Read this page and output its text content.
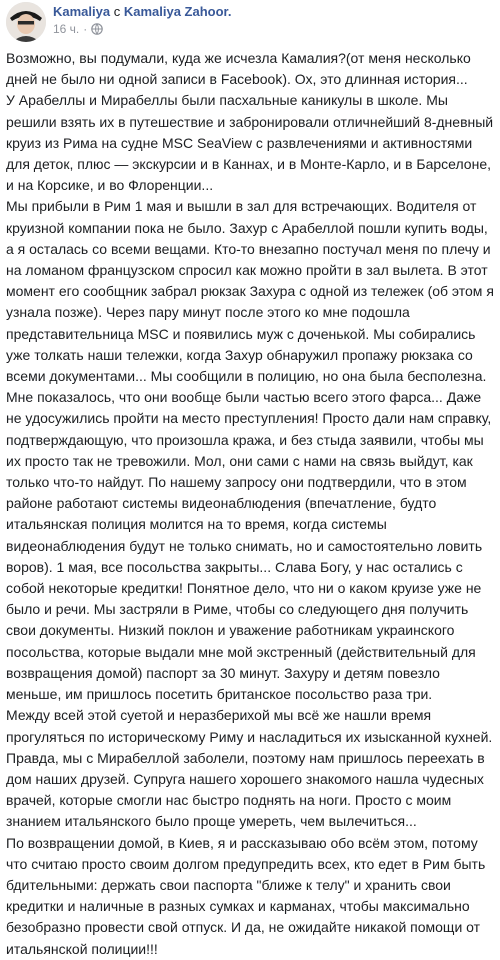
Kamaliya с Kamaliya Zahoor.
16 ч. ·

Возможно, вы подумали, куда же исчезла Камалия?(от меня несколько дней не было ни одной записи в Facebook). Ох, это длинная история...

У Арабеллы и Мирабеллы были пасхальные каникулы в школе. Мы решили взять их в путешествие и забронировали отличнейший 8-дневный круиз из Рима на судне MSC SeaView с развлечениями и активностями для деток, плюс — экскурсии и в Каннах, и в Монте-Карло, и в Барселоне, и на Корсике, и во Флоренции...

Мы прибыли в Рим 1 мая и вышли в зал для встречающих. Водителя от круизной компании пока не было. Захур с Арабеллой пошли купить воды, а я осталась со всеми вещами. Кто-то внезапно постучал меня по плечу и на ломаном французском спросил как можно пройти в зал вылета. В этот момент его сообщник забрал рюкзак Захура с одной из тележек (об этом я узнала позже). Через пару минут после этого ко мне подошла представительница MSC и появились муж с доченькой. Мы собирались уже толкать наши тележки, когда Захур обнаружил пропажу рюкзака со всеми документами... Мы сообщили в полицию, но она была бесполезна. Мне показалось, что они вообще были частью всего этого фарса... Даже не удосужились пройти на место преступления! Просто дали нам справку, подтверждающую, что произошла кража, и без стыда заявили, чтобы мы их просто так не тревожили. Мол, они сами с нами на связь выйдут, как только что-то найдут. По нашему запросу они подтвердили, что в этом районе работают системы видеонаблюдения (впечатление, будто итальянская полиция молится на то время, когда системы видеонаблюдения будут не только снимать, но и самостоятельно ловить воров). 1 мая, все посольства закрыты... Слава Богу, у нас остались с собой некоторые кредитки! Понятное дело, что ни о каком круизе уже не было и речи. Мы застряли в Риме, чтобы со следующего дня получить свои документы. Низкий поклон и уважение работникам украинского посольства, которые выдали мне мой экстренный (действительный для возвращения домой) паспорт за 30 минут. Захуру и детям повезло меньше, им пришлось посетить британское посольство раза три.

Между всей этой суетой и неразберихой мы всё же нашли время прогуляться по историческому Риму и насладиться их изысканной кухней. Правда, мы с Мирабеллой заболели, поэтому нам пришлось переехать в дом наших друзей. Супруга нашего хорошего знакомого нашла чудесных врачей, которые смогли нас быстро поднять на ноги. Просто с моим знанием итальянского было проще умереть, чем вылечиться...

По возвращении домой, в Киев, я и рассказываю обо всём этом, потому что считаю просто своим долгом предупредить всех, кто едет в Рим быть бдительными: держать свои паспорта "ближе к телу" и хранить свои кредитки и наличные в разных сумках и карманах, чтобы максимально безобразно провести свой отпуск. И да, не ожидайте никакой помощи от итальянской полиции!!!
